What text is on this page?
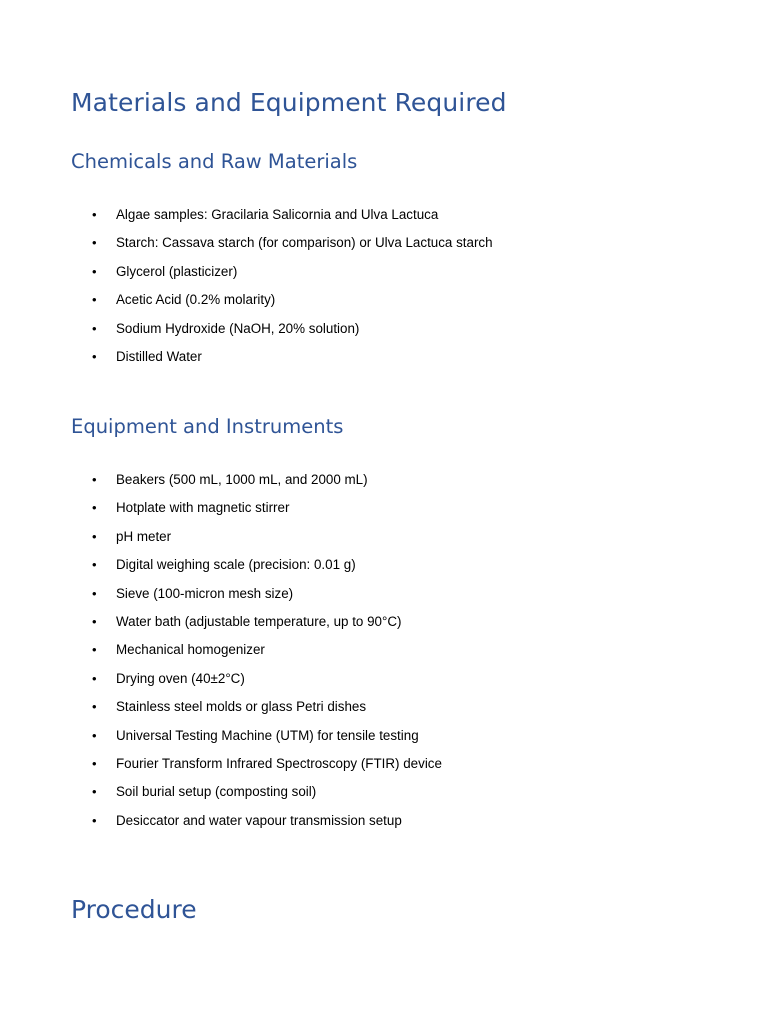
Materials and Equipment Required
Chemicals and Raw Materials
•	Algae samples: Gracilaria Salicornia and Ulva Lactuca
•	Starch: Cassava starch (for comparison) or Ulva Lactuca starch
•	Glycerol (plasticizer)
•	Acetic Acid (0.2% molarity)
•	Sodium Hydroxide (NaOH, 20% solution)
•	Distilled Water
Equipment and Instruments
•	Beakers (500 mL, 1000 mL, and 2000 mL)
•	Hotplate with magnetic stirrer
•	pH meter
•	Digital weighing scale (precision: 0.01 g)
•	Sieve (100-micron mesh size)
•	Water bath (adjustable temperature, up to 90°C)
•	Mechanical homogenizer
•	Drying oven (40±2°C)
•	Stainless steel molds or glass Petri dishes
•	Universal Testing Machine (UTM) for tensile testing
•	Fourier Transform Infrared Spectroscopy (FTIR) device
•	Soil burial setup (composting soil)
•	Desiccator and water vapour transmission setup
Procedure
